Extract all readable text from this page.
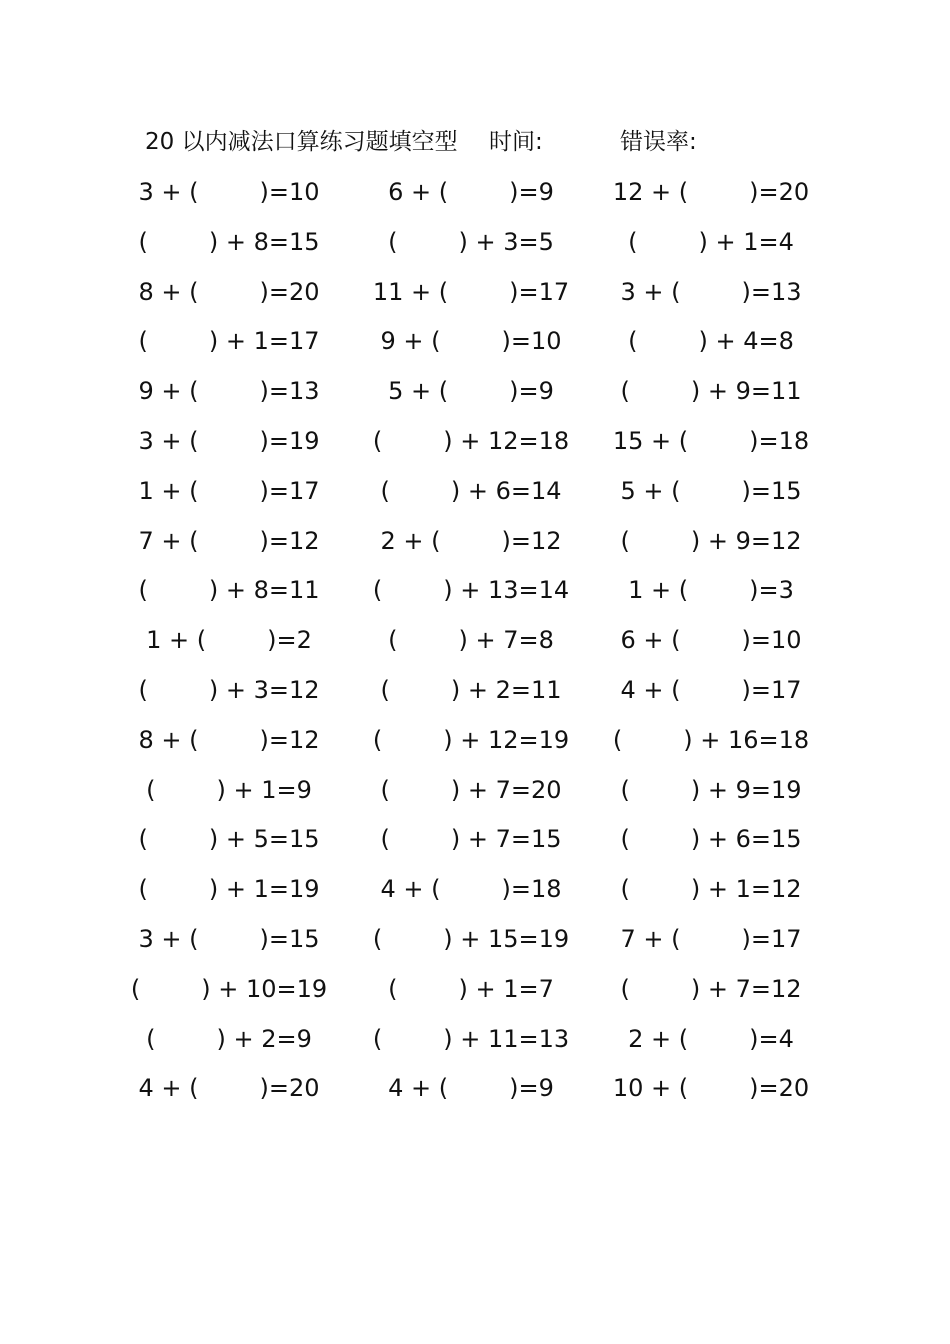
20 以内减法口算练习题填空型 时间:	错误率:
3 + (        )=10	6 + (        )=9	12 + (        )=20
(        ) + 8=15	(        ) + 3=5	(        ) + 1=4
8 + (        )=20	11 + (        )=17	3 + (        )=13
(        ) + 1=17	9 + (        )=10	(        ) + 4=8
9 + (        )=13	5 + (        )=9	(        ) + 9=11
3 + (        )=19	(        ) + 12=18	15 + (        )=18
1 + (        )=17	(        ) + 6=14	5 + (        )=15
7 + (        )=12	2 + (        )=12	(        ) + 9=12
(        ) + 8=11	(        ) + 13=14	1 + (        )=3
1 + (        )=2	(        ) + 7=8	6 + (        )=10
(        ) + 3=12	(        ) + 2=11	4 + (        )=17
8 + (        )=12	(        ) + 12=19	(        ) + 16=18
(        ) + 1=9	(        ) + 7=20	(        ) + 9=19
(        ) + 5=15	(        ) + 7=15	(        ) + 6=15
(        ) + 1=19	4 + (        )=18	(        ) + 1=12
3 + (        )=15	(        ) + 15=19	7 + (        )=17
(        ) + 10=19	(        ) + 1=7	(        ) + 7=12
(        ) + 2=9	(        ) + 11=13	2 + (        )=4
4 + (        )=20	4 + (        )=9	10 + (        )=20
